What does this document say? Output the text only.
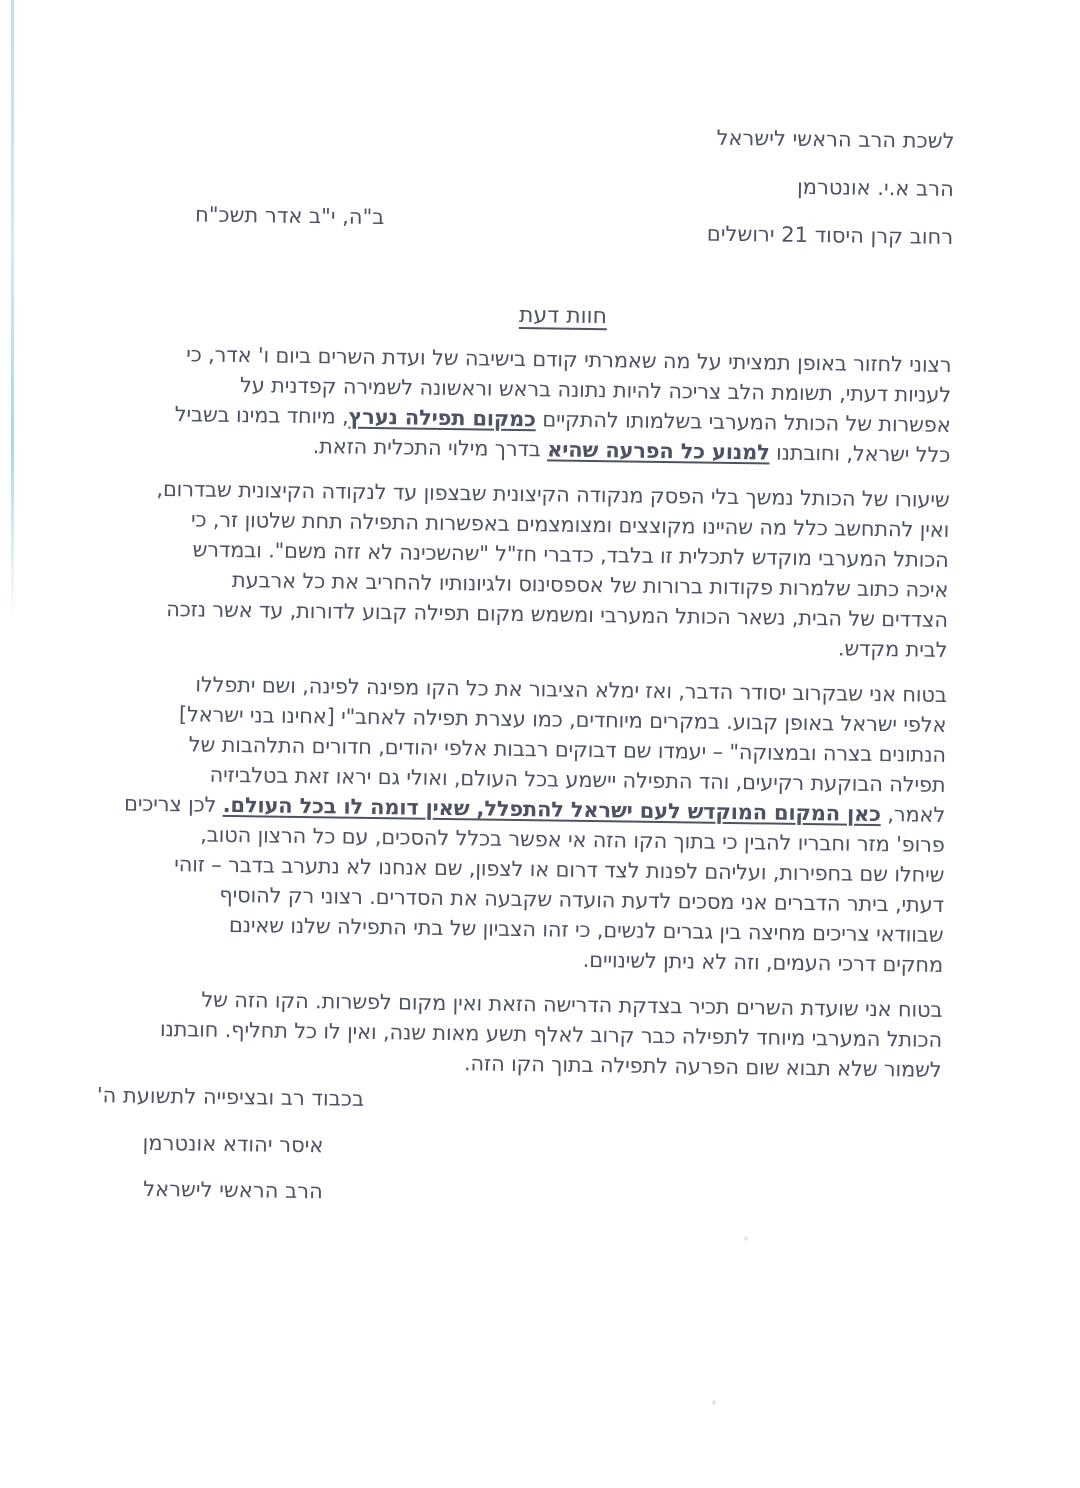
לשכת הרב הראשי לישראל
הרב א.י. אונטרמן
רחוב קרן היסוד 21 ירושלים
ב"ה, י"ב אדר תשכ"ח
חוות דעת
רצוני לחזור באופן תמציתי על מה שאמרתי קודם בישיבה של ועדת השרים ביום ו' אדר, כי
לעניות דעתי, תשומת הלב צריכה להיות נתונה בראש וראשונה לשמירה קפדנית על
אפשרות של הכותל המערבי בשלמותו להתקיים כמקום תפילה נערץ, מיוחד במינו בשביל
כלל ישראל, וחובתנו למנוע כל הפרעה שהיא בדרך מילוי התכלית הזאת.
שיעורו של הכותל נמשך בלי הפסק מנקודה הקיצונית שבצפון עד לנקודה הקיצונית שבדרום,
ואין להתחשב כלל מה שהיינו מקוצצים ומצומצמים באפשרות התפילה תחת שלטון זר, כי
הכותל המערבי מוקדש לתכלית זו בלבד, כדברי חז"ל "שהשכינה לא זזה משם". ובמדרש
איכה כתוב שלמרות פקודות ברורות של אספסינוס ולגיונותיו להחריב את כל ארבעת
הצדדים של הבית, נשאר הכותל המערבי ומשמש מקום תפילה קבוע לדורות, עד אשר נזכה
לבית מקדש.
בטוח אני שבקרוב יסודר הדבר, ואז ימלא הציבור את כל הקו מפינה לפינה, ושם יתפללו
אלפי ישראל באופן קבוע. במקרים מיוחדים, כמו עצרת תפילה לאחב"י [אחינו בני ישראל]
הנתונים בצרה ובמצוקה" – יעמדו שם דבוקים רבבות אלפי יהודים, חדורים התלהבות של
תפילה הבוקעת רקיעים, והד התפילה יישמע בכל העולם, ואולי גם יראו זאת בטלביזיה
לאמר, כאן המקום המוקדש לעם ישראל להתפלל, שאין דומה לו בכל העולם. לכן צריכים
פרופ' מזר וחבריו להבין כי בתוך הקו הזה אי אפשר בכלל להסכים, עם כל הרצון הטוב,
שיחלו שם בחפירות, ועליהם לפנות לצד דרום או לצפון, שם אנחנו לא נתערב בדבר – זוהי
דעתי, ביתר הדברים אני מסכים לדעת הועדה שקבעה את הסדרים. רצוני רק להוסיף
שבוודאי צריכים מחיצה בין גברים לנשים, כי זהו הצביון של בתי התפילה שלנו שאינם
מחקים דרכי העמים, וזה לא ניתן לשינויים.
בטוח אני שועדת השרים תכיר בצדקת הדרישה הזאת ואין מקום לפשרות. הקו הזה של
הכותל המערבי מיוחד לתפילה כבר קרוב לאלף תשע מאות שנה, ואין לו כל תחליף. חובתנו
לשמור שלא תבוא שום הפרעה לתפילה בתוך הקו הזה.
בכבוד רב ובציפייה לתשועת ה'
איסר יהודא אונטרמן
הרב הראשי לישראל
